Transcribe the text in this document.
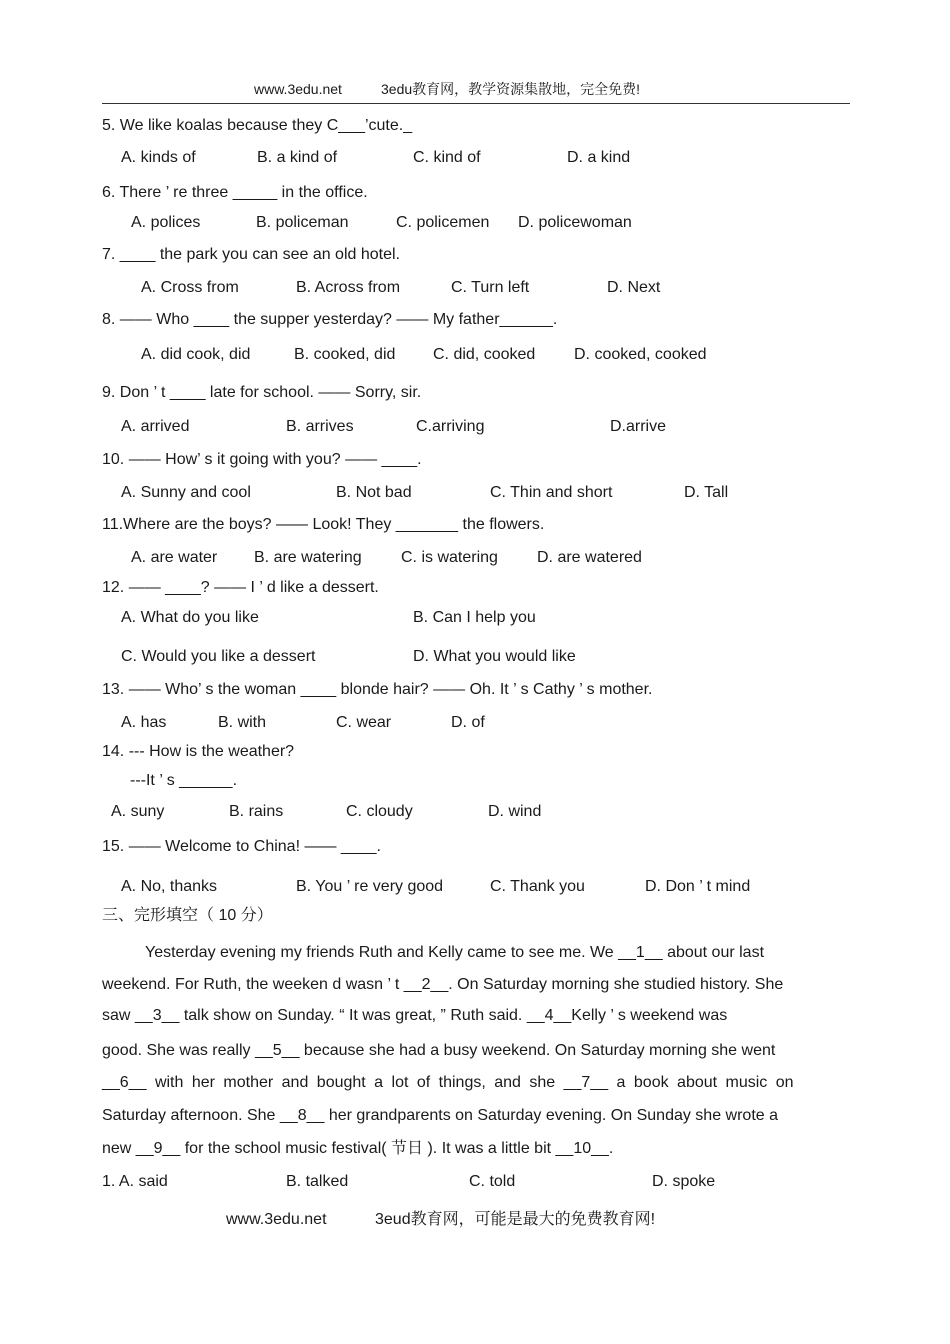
www.3edu.net	3edu教育网，教学资源集散地，完全免费!
5. We like koalas because they C___’cute._
A. kinds of	B. a kind of	C. kind of	D. a kind
6. There ’ re three _____ in the office.
A. polices	B. policeman	C. policemen D. policewoman
7. ____ the park you can see an old hotel.
A. Cross from	B. Across from	C. Turn left	D. Next
8. —— Who ____ the supper yesterday? —— My father______.
A. did cook, did	B. cooked, did C. did, cooked D. cooked, cooked
9. Don ’ t ____ late for school. —— Sorry, sir.
A. arrived	B. arrives	C.arriving	D.arrive
10. —— How’ s it going with you? —— ____.
A. Sunny and cool	B. Not bad	C. Thin and short	D. Tall
11.Where are the boys? —— Look! They _______ the flowers.
A. are water B. are watering C. is watering D. are watered
12. —— ____? —— I ’ d like a dessert.
A. What do you like	B. Can I help you
C. Would you like a dessert	D. What you would like
13. —— Who’ s the woman ____ blonde hair? —— Oh. It ’ s Cathy ’ s mother.
A. has	B. with	C. wear	D. of
14. --- How is the weather?
---It ’ s ______.
A. suny	B. rains	C. cloudy	D. wind
15. —— Welcome to China! —— ____.
A. No, thanks	B. You ’ re very good	C. Thank you	D. Don ’ t mind
三、完形填空（ 10 分）
Yesterday evening my friends Ruth and Kelly came to see me. We __1__ about our last
weekend. For Ruth, the weeken d wasn ’ t __2__. On Saturday morning she studied history. She
saw __3__ talk show on Sunday. “ It was great, ” Ruth said. __4__Kelly ’ s weekend was
good. She was really __5__ because she had a busy weekend. On Saturday morning she went
__6__ with her mother and bought a lot of things, and she __7__ a book about music on
Saturday afternoon. She __8__ her grandparents on Saturday evening. On Sunday she wrote a
new __9__ for the school music festival( 节日 ). It was a little bit __10__.
1. A. said	B. talked	C. told	D. spoke
www.3edu.net	3eud教育网，可能是最大的免费教育网!
